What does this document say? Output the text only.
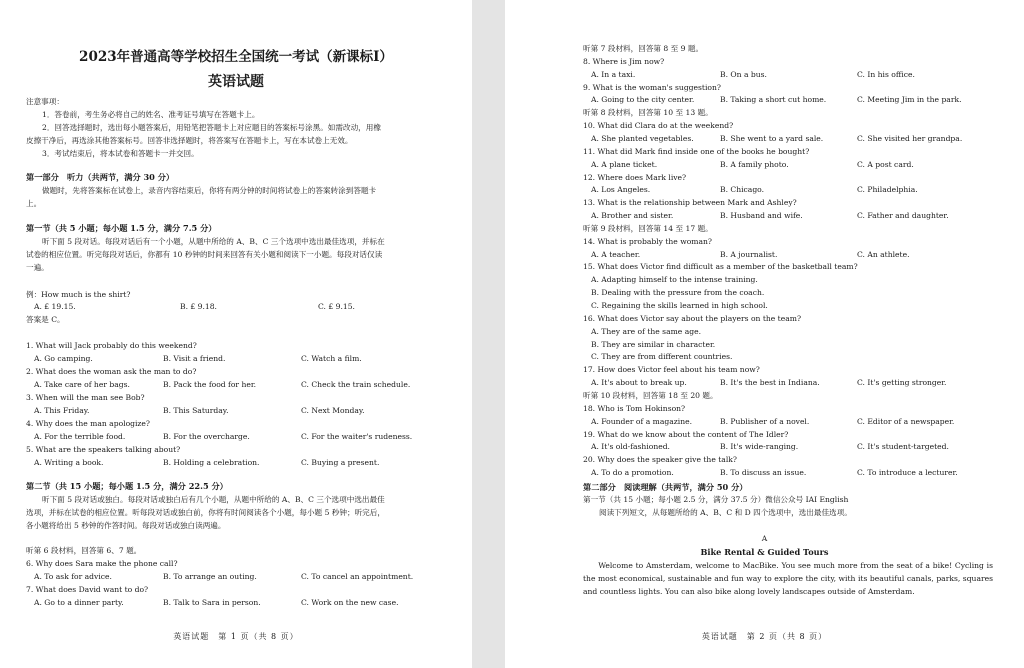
2023年普通高等学校招生全国统一考试（新课标Ⅰ）
英语试题
注意事项：
1．答卷前，考生务必将自己的姓名、准考证号填写在答题卡上。
2．回答选择题时，选出每小题答案后，用铅笔把答题卡上对应题目的答案标号涂黑。如需改动，用橡
皮擦干净后，再选涂其他答案标号。回答非选择题时，将答案写在答题卡上，写在本试卷上无效。
3．考试结束后，将本试卷和答题卡一并交回。
第一部分　听力（共两节，满分 30 分）
做题时，先将答案标在试卷上，录音内容结束后，你将有两分钟的时间将试卷上的答案转涂到答题卡
上。
第一节（共 5 小题；每小题 1.5 分，满分 7.5 分）
听下面 5 段对话。每段对话后有一个小题，从题中所给的 A、B、C 三个选项中选出最佳选项，并标在
试卷的相应位置。听完每段对话后，你都有 10 秒钟的时间来回答有关小题和阅读下一小题。每段对话仅读
一遍。
例：How much is the shirt?
A. £ 19.15.	B. £ 9.18.	C. £ 9.15.
答案是 C。
1. What will Jack probably do this weekend?
A. Go camping.	B. Visit a friend.	C. Watch a film.
2. What does the woman ask the man to do?
A. Take care of her bags.	B. Pack the food for her.	C. Check the train schedule.
3. When will the man see Bob?
A. This Friday.	B. This Saturday.	C. Next Monday.
4. Why does the man apologize?
A. For the terrible food.	B. For the overcharge.	C. For the waiter's rudeness.
5. What are the speakers talking about?
A. Writing a book.	B. Holding a celebration.	C. Buying a present.
第二节（共 15 小题；每小题 1.5 分，满分 22.5 分）
听下面 5 段对话或独白。每段对话或独白后有几个小题，从题中所给的 A、B、C 三个选项中选出最佳
选项，并标在试卷的相应位置。听每段对话或独白前，你将有时间阅读各个小题，每小题 5 秒钟；听完后，
各小题将给出 5 秒钟的作答时间。每段对话或独白读两遍。
听第 6 段材料，回答第 6、7 题。
6. Why does Sara make the phone call?
A. To ask for advice.	B. To arrange an outing.	C. To cancel an appointment.
7. What does David want to do?
A. Go to a dinner party.	B. Talk to Sara in person.	C. Work on the new case.
英语试题　第 1 页（共 8 页）
听第 7 段材料，回答第 8 至 9 题。
8. Where is Jim now?
A. In a taxi.	B. On a bus.	C. In his office.
9. What is the woman's suggestion?
A. Going to the city center.	B. Taking a short cut home.	C. Meeting Jim in the park.
听第 8 段材料，回答第 10 至 13 题。
10. What did Clara do at the weekend?
A. She planted vegetables.	B. She went to a yard sale.	C. She visited her grandpa.
11. What did Mark find inside one of the books he bought?
A. A plane ticket.	B. A family photo.	C. A post card.
12. Where does Mark live?
A. Los Angeles.	B. Chicago.	C. Philadelphia.
13. What is the relationship between Mark and Ashley?
A. Brother and sister.	B. Husband and wife.	C. Father and daughter.
听第 9 段材料，回答第 14 至 17 题。
14. What is probably the woman?
A. A teacher.	B. A journalist.	C. An athlete.
15. What does Victor find difficult as a member of the basketball team?
A. Adapting himself to the intense training.
B. Dealing with the pressure from the coach.
C. Regaining the skills learned in high school.
16. What does Victor say about the players on the team?
A. They are of the same age.
B. They are similar in character.
C. They are from different countries.
17. How does Victor feel about his team now?
A. It's about to break up.	B. It's the best in Indiana.	C. It's getting stronger.
听第 10 段材料，回答第 18 至 20 题。
18. Who is Tom Hokinson?
A. Founder of a magazine.	B. Publisher of a novel.	C. Editor of a newspaper.
19. What do we know about the content of The Idler?
A. It's old-fashioned.	B. It's wide-ranging.	C. It's student-targeted.
20. Why does the speaker give the talk?
A. To do a promotion.	B. To discuss an issue.	C. To introduce a lecturer.
第二部分　阅读理解（共两节，满分 50 分）
第一节（共 15 小题；每小题 2.5 分，满分 37.5 分）微信公众号 IAI English
阅读下列短文，从每题所给的 A、B、C 和 D 四个选项中，选出最佳选项。
A
Bike Rental & Guided Tours
Welcome to Amsterdam, welcome to MacBike. You see much more from the seat of a bike! Cycling is the most economical, sustainable and fun way to explore the city, with its beautiful canals, parks, squares and countless lights. You can also bike along lovely landscapes outside of Amsterdam.
英语试题　第 2 页（共 8 页）
